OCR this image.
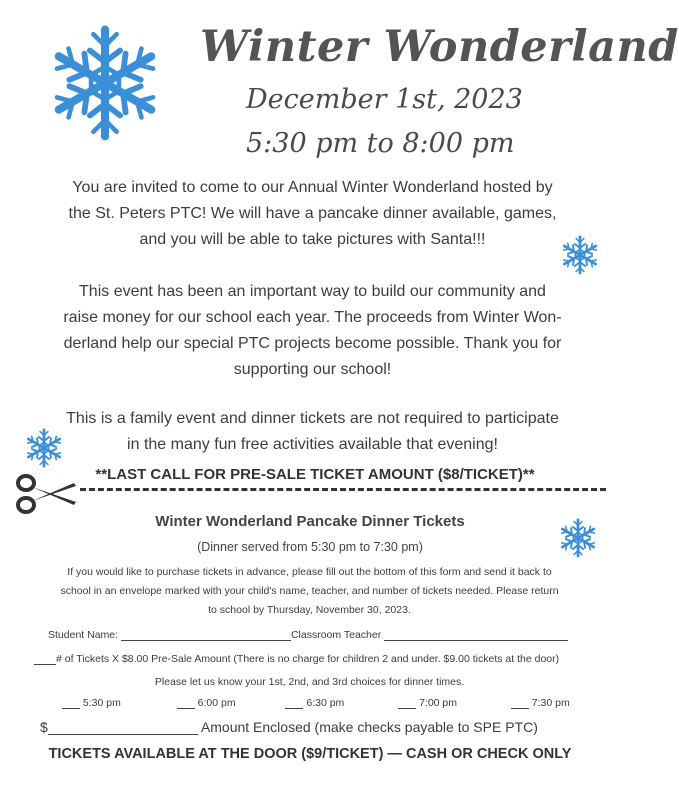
Winter Wonderland
December 1st, 2023
5:30 pm to 8:00 pm
You are invited to come to our Annual Winter Wonderland hosted by
the St. Peters PTC! We will have a pancake dinner available, games,
and you will be able to take pictures with Santa!!!
This event has been an important way to build our community and
raise money for our school each year. The proceeds from Winter Won-
derland help our special PTC projects become possible. Thank you for
supporting our school!
This is a family event and dinner tickets are not required to participate
in the many fun free activities available that evening!
**LAST CALL FOR PRE-SALE TICKET AMOUNT ($8/TICKET)**
Winter Wonderland Pancake Dinner Tickets
(Dinner served from 5:30 pm to 7:30 pm)
If you would like to purchase tickets in advance, please fill out the bottom of this form and send it back to
school in an envelope marked with your child's name, teacher, and number of tickets needed. Please return
to school by Thursday, November 30, 2023.
Student Name:	Classroom Teacher
# of Tickets X $8.00 Pre-Sale Amount (There is no charge for children 2 and under. $9.00 tickets at the door)
Please let us know your 1st, 2nd, and 3rd choices for dinner times.
5:30 pm	6:00 pm	6:30 pm	7:00 pm	7:30 pm
$	Amount Enclosed (make checks payable to SPE PTC)
TICKETS AVAILABLE AT THE DOOR ($9/TICKET) — CASH OR CHECK ONLY
